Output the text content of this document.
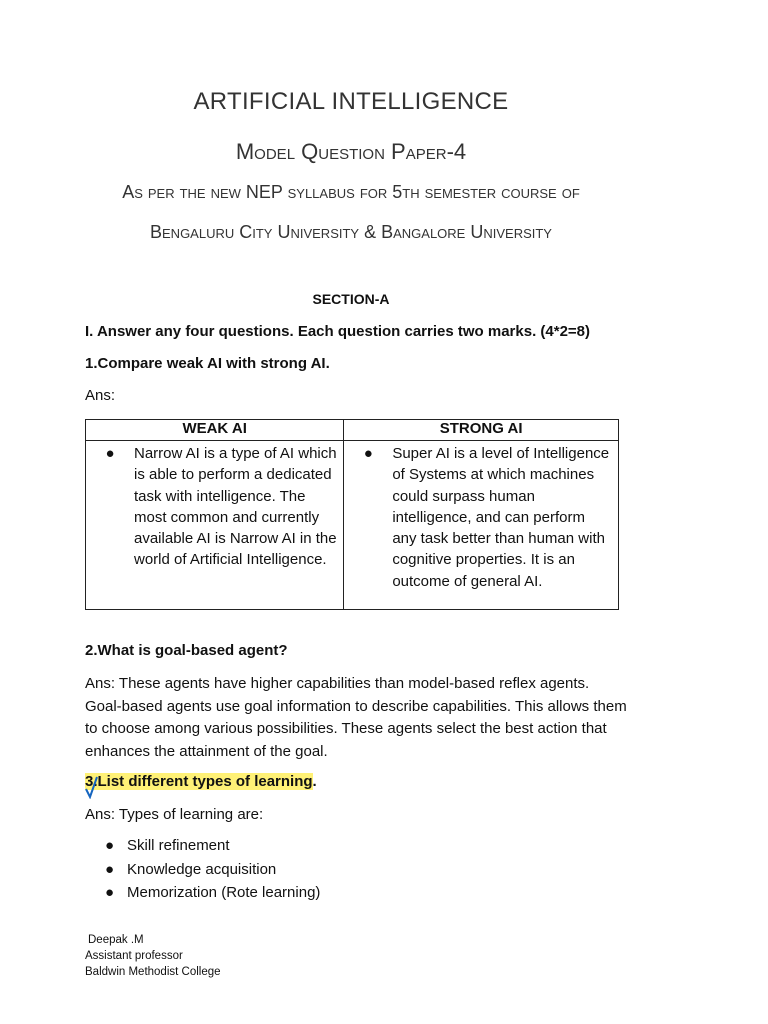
ARTIFICIAL INTELLIGENCE
Model Question Paper-4
As per the new NEP syllabus for 5th semester course of
Bengaluru City University & Bangalore University
SECTION-A
I. Answer any four questions. Each question carries two marks. (4*2=8)
1.Compare weak AI with strong AI.
Ans:
WEAK AI	STRONG AI

● Narrow AI is a type of AI which is able to perform a dedicated task with intelligence. The most common and currently available AI is Narrow AI in the world of Artificial Intelligence.	● Super AI is a level of Intelligence of Systems at which machines could surpass human intelligence, and can perform any task better than human with cognitive properties. It is an outcome of general AI.
2.What is goal-based agent?
Ans: These agents have higher capabilities than model-based reflex agents. Goal-based agents use goal information to describe capabilities. This allows them to choose among various possibilities. These agents select the best action that enhances the attainment of the goal.
3.List different types of learning.
Ans: Types of learning are:
● Skill refinement
● Knowledge acquisition
● Memorization (Rote learning)
Deepak .M
Assistant professor
Baldwin Methodist College
